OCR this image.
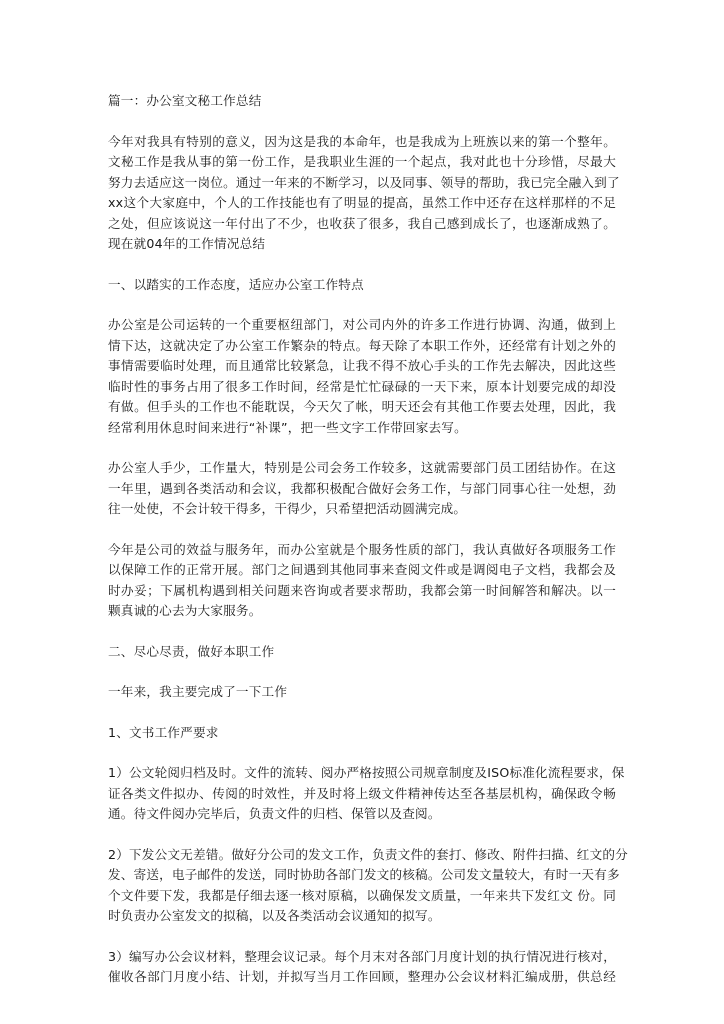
篇一：办公室文秘工作总结
今年对我具有特别的意义，因为这是我的本命年，也是我成为上班族以来的第一个整年。
文秘工作是我从事的第一份工作，是我职业生涯的一个起点，我对此也十分珍惜，尽最大
努力去适应这一岗位。通过一年来的不断学习，以及同事、领导的帮助，我已完全融入到了
xx这个大家庭中，个人的工作技能也有了明显的提高，虽然工作中还存在这样那样的不足
之处，但应该说这一年付出了不少，也收获了很多，我自己感到成长了，也逐渐成熟了。
现在就04年的工作情况总结
一、以踏实的工作态度，适应办公室工作特点
办公室是公司运转的一个重要枢纽部门，对公司内外的许多工作进行协调、沟通，做到上
情下达，这就决定了办公室工作繁杂的特点。每天除了本职工作外，还经常有计划之外的
事情需要临时处理，而且通常比较紧急，让我不得不放心手头的工作先去解决，因此这些
临时性的事务占用了很多工作时间，经常是忙忙碌碌的一天下来，原本计划要完成的却没
有做。但手头的工作也不能耽误，今天欠了帐，明天还会有其他工作要去处理，因此，我
经常利用休息时间来进行“补课”，把一些文字工作带回家去写。
办公室人手少，工作量大，特别是公司会务工作较多，这就需要部门员工团结协作。在这
一年里，遇到各类活动和会议，我都积极配合做好会务工作，与部门同事心往一处想，劲
往一处使，不会计较干得多，干得少，只希望把活动圆满完成。
今年是公司的效益与服务年，而办公室就是个服务性质的部门，我认真做好各项服务工作
以保障工作的正常开展。部门之间遇到其他同事来查阅文件或是调阅电子文档，我都会及
时办妥；下属机构遇到相关问题来咨询或者要求帮助，我都会第一时间解答和解决。以一
颗真诚的心去为大家服务。
二、尽心尽责，做好本职工作
一年来，我主要完成了一下工作
1、文书工作严要求
1）公文轮阅归档及时。文件的流转、阅办严格按照公司规章制度及ISO标准化流程要求，保
证各类文件拟办、传阅的时效性，并及时将上级文件精神传达至各基层机构，确保政令畅
通。待文件阅办完毕后，负责文件的归档、保管以及查阅。
2）下发公文无差错。做好分公司的发文工作，负责文件的套打、修改、附件扫描、红文的分
发、寄送，电子邮件的发送，同时协助各部门发文的核稿。公司发文量较大，有时一天有多
个文件要下发，我都是仔细去逐一核对原稿，以确保发文质量，一年来共下发红文 份。同
时负责办公室发文的拟稿，以及各类活动会议通知的拟写。
3）编写办公会议材料，整理会议记录。每个月末对各部门月度计划的执行情况进行核对，
催收各部门月度小结、计划，并拟写当月工作回顾，整理办公会议材料汇编成册，供总经
